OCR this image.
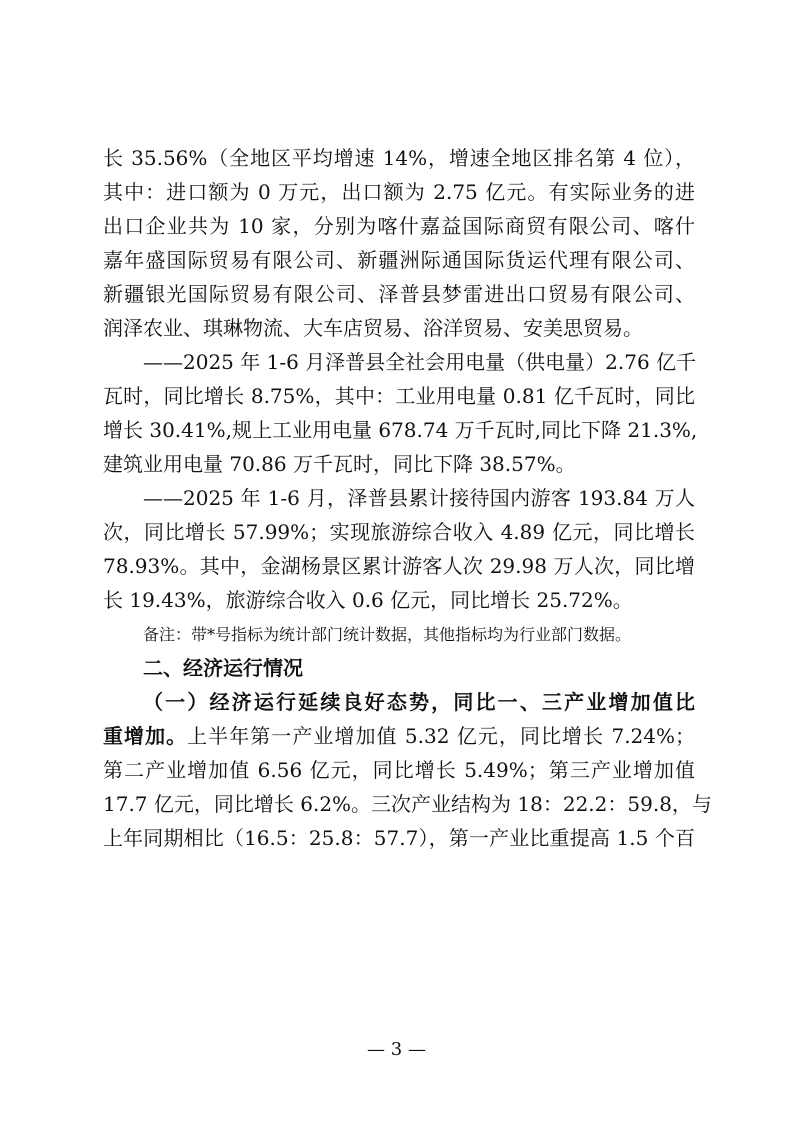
长 35.56%（全地区平均增速 14%，增速全地区排名第 4 位），
其中：进口额为 0 万元，出口额为 2.75 亿元。有实际业务的进
出口企业共为 10 家，分别为喀什嘉益国际商贸有限公司、喀什
嘉年盛国际贸易有限公司、新疆洲际通国际货运代理有限公司、
新疆银光国际贸易有限公司、泽普县梦雷进出口贸易有限公司、
润泽农业、琪琳物流、大车店贸易、浴洋贸易、安美思贸易。
——2025 年 1-6 月泽普县全社会用电量（供电量）2.76 亿千
瓦时，同比增长 8.75%，其中：工业用电量 0.81 亿千瓦时，同比
增长 30.41%,规上工业用电量 678.74 万千瓦时,同比下降 21.3%,
建筑业用电量 70.86 万千瓦时，同比下降 38.57%。
——2025 年 1-6 月，泽普县累计接待国内游客 193.84 万人
次，同比增长 57.99%；实现旅游综合收入 4.89 亿元，同比增长
78.93%。其中，金湖杨景区累计游客人次 29.98 万人次，同比增
长 19.43%，旅游综合收入 0.6 亿元，同比增长 25.72%。
备注：带*号指标为统计部门统计数据，其他指标均为行业部门数据。
二、经济运行情况
（一）经济运行延续良好态势，同比一、三产业增加值比
重增加。上半年第一产业增加值 5.32 亿元，同比增长 7.24%；
第二产业增加值 6.56 亿元，同比增长 5.49%；第三产业增加值
17.7 亿元，同比增长 6.2%。三次产业结构为 18：22.2：59.8，与
上年同期相比（16.5：25.8：57.7），第一产业比重提高 1.5 个百
— 3 —
